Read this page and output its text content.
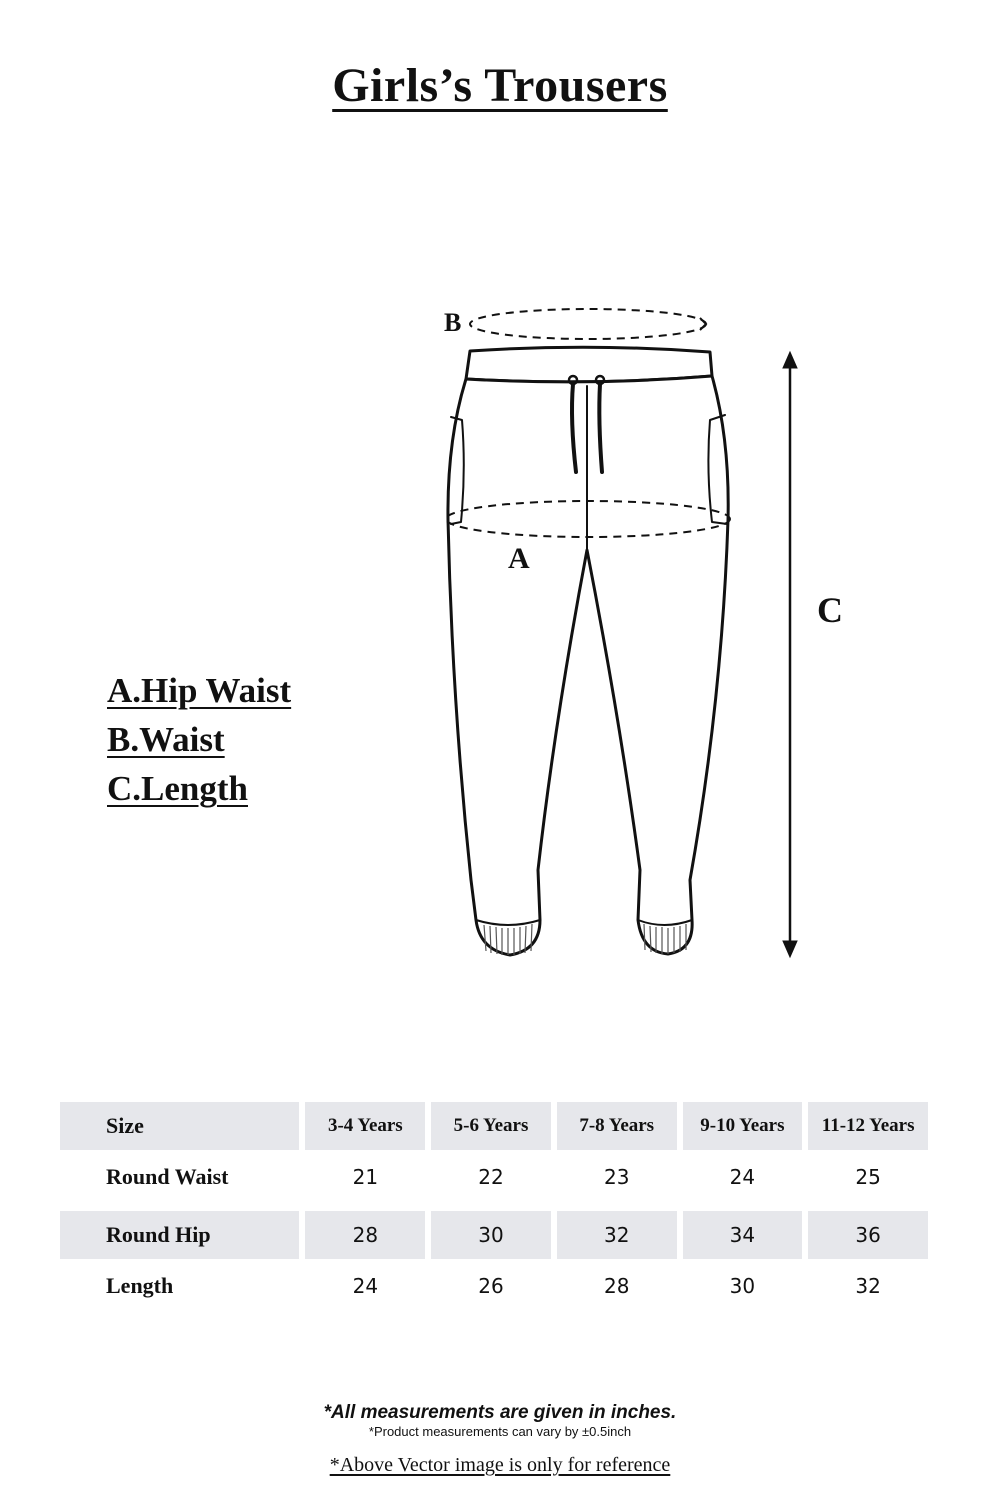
Girls’s Trousers
B
A
C
A.Hip Waist
B.Waist
C.Length
Size	3-4 Years	5-6 Years	7-8 Years	9-10 Years	11-12 Years
Round Waist	21	22	23	24	25

Round Hip	28	30	32	34	36
Length	24	26	28	30	32
*All measurements are given in inches.
*Product measurements can vary by ±0.5inch
*Above Vector image is only for reference
